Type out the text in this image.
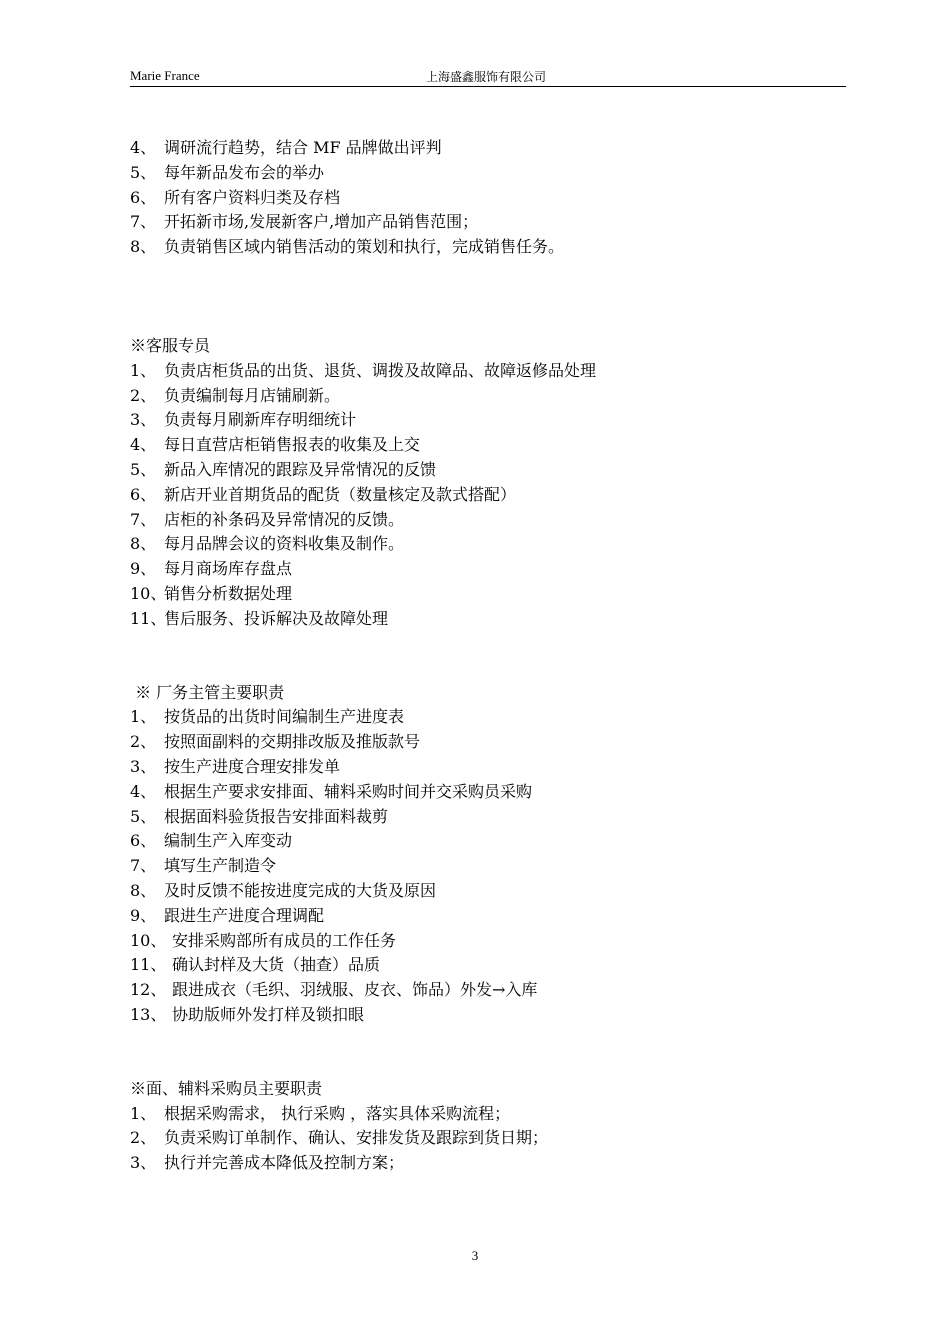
Marie France	上海盛鑫服饰有限公司
4、 调研流行趋势，结合 MF 品牌做出评判
5、 每年新品发布会的举办
6、 所有客户资料归类及存档
7、 开拓新市场,发展新客户,增加产品销售范围；
8、 负责销售区域内销售活动的策划和执行，完成销售任务。
※客服专员
1、 负责店柜货品的出货、退货、调拨及故障品、故障返修品处理
2、 负责编制每月店铺刷新。
3、 负责每月刷新库存明细统计
4、 每日直营店柜销售报表的收集及上交
5、 新品入库情况的跟踪及异常情况的反馈
6、 新店开业首期货品的配货（数量核定及款式搭配）
7、 店柜的补条码及异常情况的反馈。
8、 每月品牌会议的资料收集及制作。
9、 每月商场库存盘点
10、销售分析数据处理
11、售后服务、投诉解决及故障处理
※ 厂务主管主要职责
1、 按货品的出货时间编制生产进度表
2、 按照面副料的交期排改版及推版款号
3、 按生产进度合理安排发单
4、 根据生产要求安排面、辅料采购时间并交采购员采购
5、 根据面料验货报告安排面料裁剪
6、 编制生产入库变动
7、 填写生产制造令
8、 及时反馈不能按进度完成的大货及原因
9、 跟进生产进度合理调配
10、 安排采购部所有成员的工作任务
11、 确认封样及大货（抽查）品质
12、 跟进成衣（毛织、羽绒服、皮衣、饰品）外发→入库
13、 协助版师外发打样及锁扣眼
※面、辅料采购员主要职责
1、 根据采购需求， 执行采购 ，落实具体采购流程；
2、 负责采购订单制作、确认、安排发货及跟踪到货日期；
3、 执行并完善成本降低及控制方案；
3
